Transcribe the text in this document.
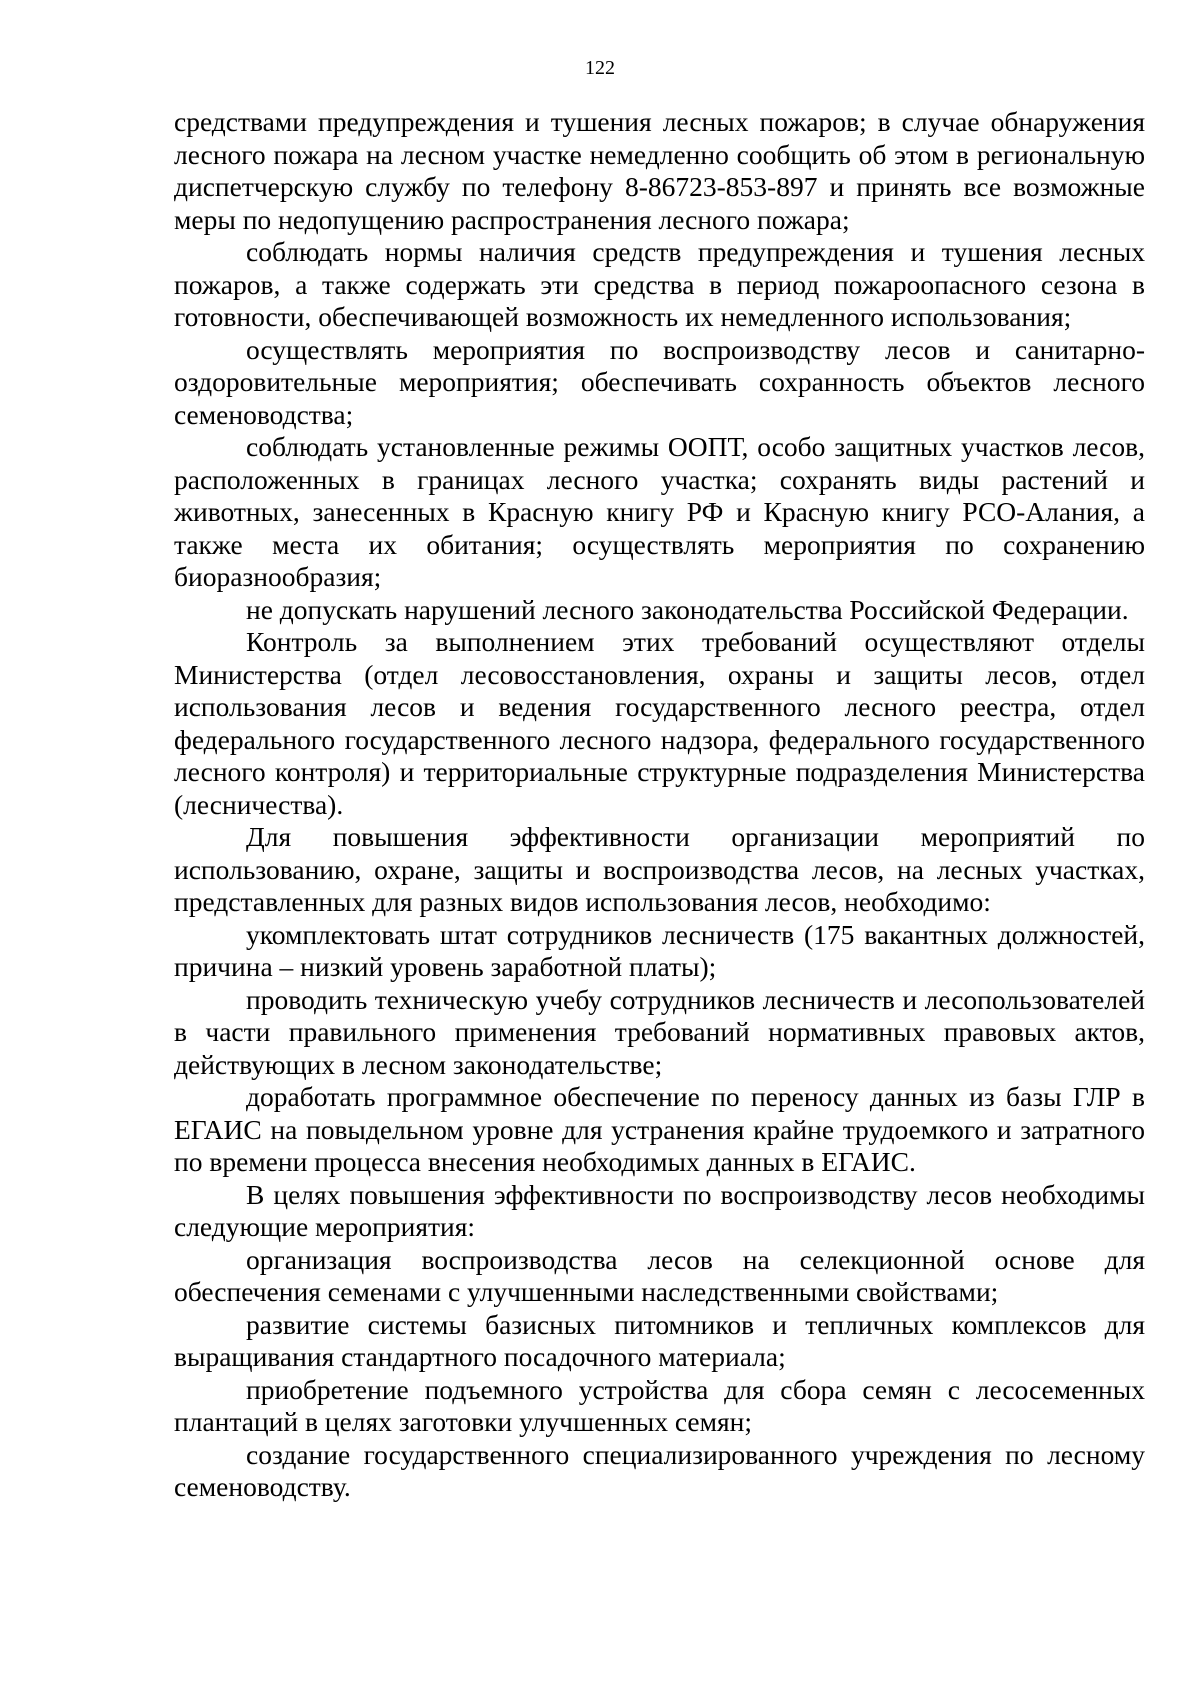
122

средствами предупреждения и тушения лесных пожаров; в случае обнаружения лесного пожара на лесном участке немедленно сообщить об этом в региональную диспетчерскую службу по телефону 8-86723-853-897 и принять все возможные меры по недопущению распространения лесного пожара;

соблюдать нормы наличия средств предупреждения и тушения лесных пожаров, а также содержать эти средства в период пожароопасного сезона в готовности, обеспечивающей возможность их немедленного использования;

осуществлять мероприятия по воспроизводству лесов и санитарно-оздоровительные мероприятия; обеспечивать сохранность объектов лесного семеноводства;

соблюдать установленные режимы ООПТ, особо защитных участков лесов, расположенных в границах лесного участка; сохранять виды растений и животных, занесенных в Красную книгу РФ и Красную книгу РСО-Алания, а также места их обитания; осуществлять мероприятия по сохранению биоразнообразия;

не допускать нарушений лесного законодательства Российской Федерации.

Контроль за выполнением этих требований осуществляют отделы Министерства (отдел лесовосстановления, охраны и защиты лесов, отдел использования лесов и ведения государственного лесного реестра, отдел федерального государственного лесного надзора, федерального государственного лесного контроля) и территориальные структурные подразделения Министерства (лесничества).

Для повышения эффективности организации мероприятий по использованию, охране, защиты и воспроизводства лесов, на лесных участках, представленных для разных видов использования лесов, необходимо:

укомплектовать штат сотрудников лесничеств (175 вакантных должностей, причина – низкий уровень заработной платы);

проводить техническую учебу сотрудников лесничеств и лесопользователей в части правильного применения требований нормативных правовых актов, действующих в лесном законодательстве;

доработать программное обеспечение по переносу данных из базы ГЛР в ЕГАИС на повыдельном уровне для устранения крайне трудоемкого и затратного по времени процесса внесения необходимых данных в ЕГАИС.

В целях повышения эффективности по воспроизводству лесов необходимы следующие мероприятия:

организация воспроизводства лесов на селекционной основе для обеспечения семенами с улучшенными наследственными свойствами;

развитие системы базисных питомников и тепличных комплексов для выращивания стандартного посадочного материала;

приобретение подъемного устройства для сбора семян с лесосеменных плантаций в целях заготовки улучшенных семян;

создание государственного специализированного учреждения по лесному семеноводству.
